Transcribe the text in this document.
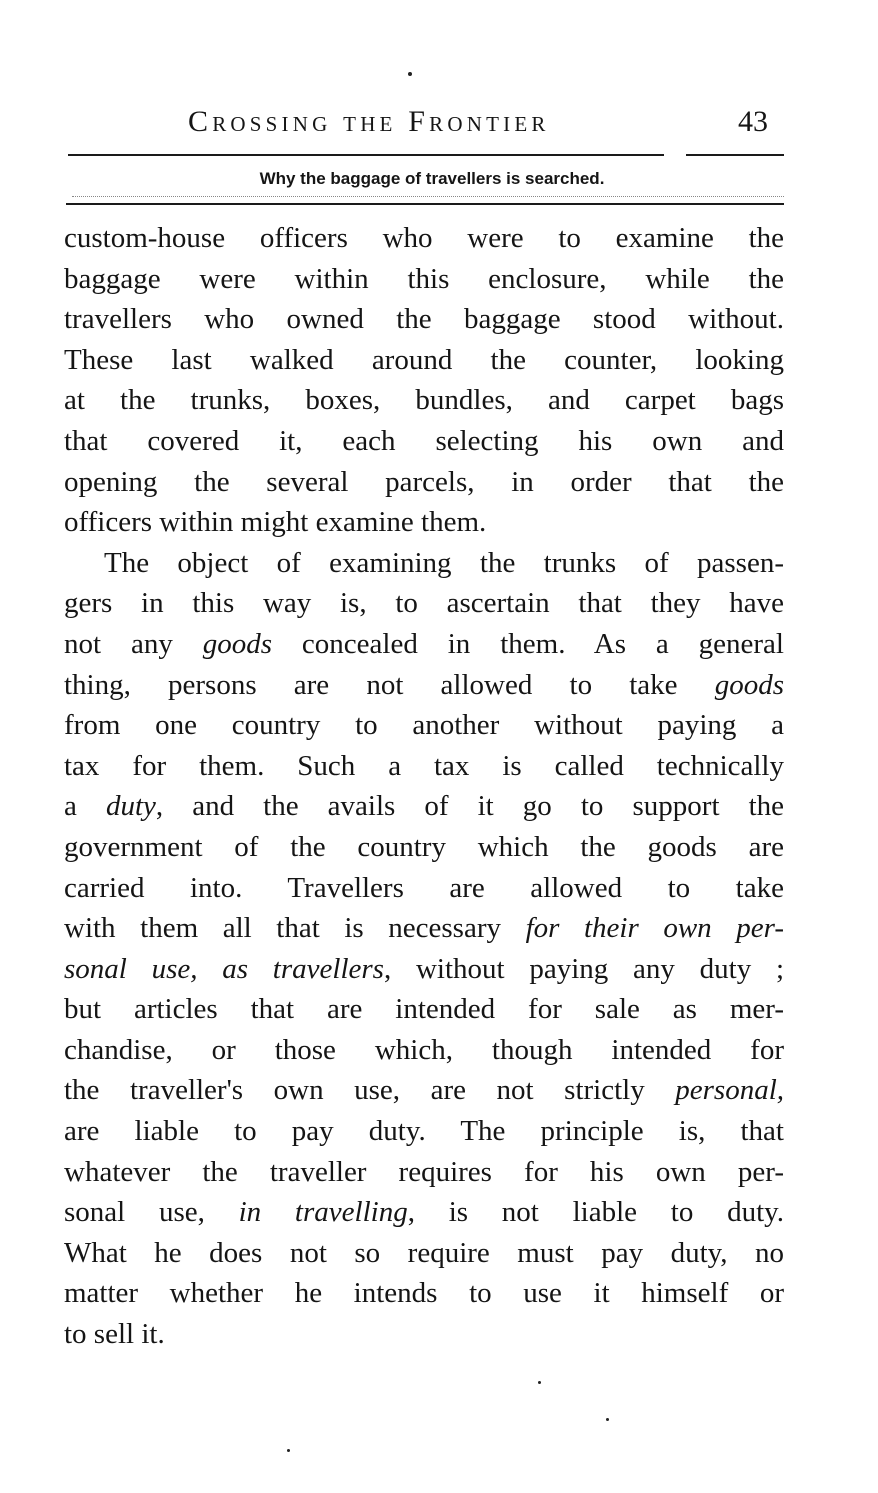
Crossing the Frontier	43
Why the baggage of travellers is searched.
custom-house officers who were to examine the
baggage were within this enclosure, while the
travellers who owned the baggage stood without.
These last walked around the counter, looking
at the trunks, boxes, bundles, and carpet bags
that covered it, each selecting his own and
opening the several parcels, in order that the
officers within might examine them.
The object of examining the trunks of passen-
gers in this way is, to ascertain that they have
not any goods concealed in them. As a general
thing, persons are not allowed to take goods
from one country to another without paying a
tax for them. Such a tax is called technically
a duty, and the avails of it go to support the
government of the country which the goods are
carried into. Travellers are allowed to take
with them all that is necessary for their own per-
sonal use, as travellers, without paying any duty ;
but articles that are intended for sale as mer-
chandise, or those which, though intended for
the traveller's own use, are not strictly personal,
are liable to pay duty. The principle is, that
whatever the traveller requires for his own per-
sonal use, in travelling, is not liable to duty.
What he does not so require must pay duty, no
matter whether he intends to use it himself or
to sell it.
